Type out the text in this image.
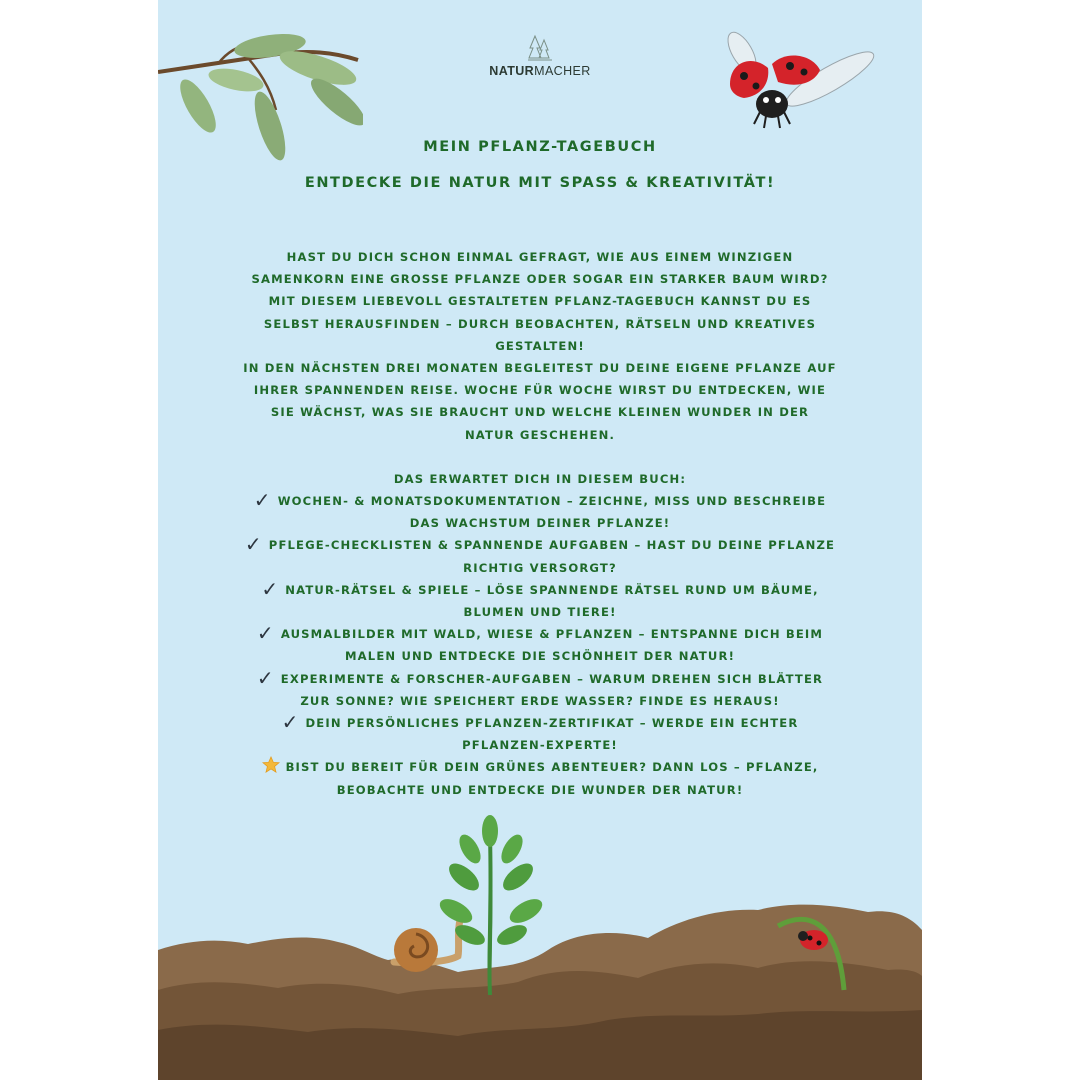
NATURMACHER
MEIN PFLANZ-TAGEBUCH
ENTDECKE DIE NATUR MIT SPASS & KREATIVITÄT!

HAST DU DICH SCHON EINMAL GEFRAGT, WIE AUS EINEM WINZIGEN

SAMENKORN EINE GROSSE PFLANZE ODER SOGAR EIN STARKER BAUM WIRD?

MIT DIESEM LIEBEVOLL GESTALTETEN PFLANZ-TAGEBUCH KANNST DU ES

SELBST HERAUSFINDEN – DURCH BEOBACHTEN, RÄTSELN UND KREATIVES

GESTALTEN!

IN DEN NÄCHSTEN DREI MONATEN BEGLEITEST DU DEINE EIGENE PFLANZE AUF

IHRER SPANNENDEN REISE. WOCHE FÜR WOCHE WIRST DU ENTDECKEN, WIE

SIE WÄCHST, WAS SIE BRAUCHT UND WELCHE KLEINEN WUNDER IN DER

NATUR GESCHEHEN.

DAS ERWARTET DICH IN DIESEM BUCH:

✓ WOCHEN- & MONATSDOKUMENTATION – ZEICHNE, MISS UND BESCHREIBE

DAS WACHSTUM DEINER PFLANZE!

✓ PFLEGE-CHECKLISTEN & SPANNENDE AUFGABEN – HAST DU DEINE PFLANZE

RICHTIG VERSORGT?

✓ NATUR-RÄTSEL & SPIELE – LÖSE SPANNENDE RÄTSEL RUND UM BÄUME,

BLUMEN UND TIERE!

✓ AUSMALBILDER MIT WALD, WIESE & PFLANZEN – ENTSPANNE DICH BEIM

MALEN UND ENTDECKE DIE SCHÖNHEIT DER NATUR!

✓ EXPERIMENTE & FORSCHER-AUFGABEN – WARUM DREHEN SICH BLÄTTER

ZUR SONNE? WIE SPEICHERT ERDE WASSER? FINDE ES HERAUS!

✓ DEIN PERSÖNLICHES PFLANZEN-ZERTIFIKAT – WERDE EIN ECHTER

PFLANZEN-EXPERTE!

BIST DU BEREIT FÜR DEIN GRÜNES ABENTEUER? DANN LOS – PFLANZE,

BEOBACHTE UND ENTDECKE DIE WUNDER DER NATUR!
